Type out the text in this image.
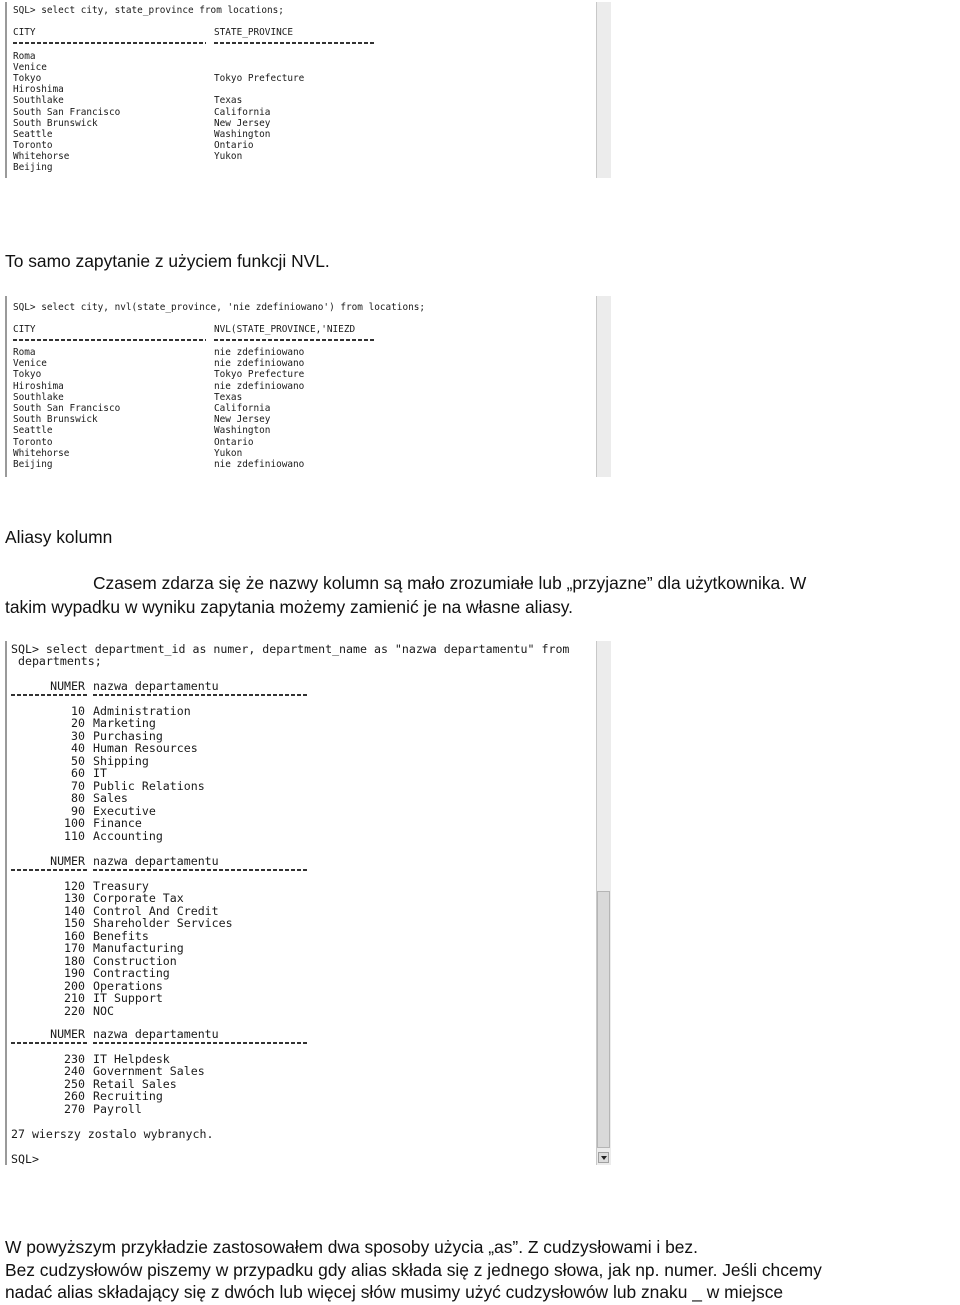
SQL> select city, state_province from locations;
CITY	STATE_PROVINCE
Roma
Venice
Tokyo	Tokyo Prefecture
Hiroshima
Southlake	Texas
South San Francisco	California
South Brunswick	New Jersey
Seattle	Washington
Toronto	Ontario
Whitehorse	Yukon
Beijing
To samo zapytanie z użyciem funkcji NVL.
SQL> select city, nvl(state_province, 'nie zdefiniowano') from locations;
CITY	NVL(STATE_PROVINCE,'NIEZD
Roma	nie zdefiniowano
Venice	nie zdefiniowano
Tokyo	Tokyo Prefecture
Hiroshima	nie zdefiniowano
Southlake	Texas
South San Francisco	California
South Brunswick	New Jersey
Seattle	Washington
Toronto	Ontario
Whitehorse	Yukon
Beijing	nie zdefiniowano
Aliasy kolumn
Czasem zdarza się że nazwy kolumn są mało zrozumiałe lub „przyjazne” dla użytkownika. W
takim wypadku w wyniku zapytania możemy zamienić je na własne aliasy.
SQL> select department_id as numer, department_name as "nazwa departamentu" from
departments;
NUMER nazwa departamentu
10 Administration
20 Marketing
30 Purchasing
40 Human Resources
50 Shipping
60 IT
70 Public Relations
80 Sales
90 Executive
100 Finance
110 Accounting
NUMER nazwa departamentu
120 Treasury
130 Corporate Tax
140 Control And Credit
150 Shareholder Services
160 Benefits
170 Manufacturing
180 Construction
190 Contracting
200 Operations
210 IT Support
220 NOC
NUMER nazwa departamentu
230 IT Helpdesk
240 Government Sales
250 Retail Sales
260 Recruiting
270 Payroll
27 wierszy zostalo wybranych.
SQL>
W powyższym przykładzie zastosowałem dwa sposoby użycia „as”. Z cudzysłowami i bez.
Bez cudzysłowów piszemy w przypadku gdy alias składa się z jednego słowa, jak np. numer. Jeśli chcemy
nadać alias składający się z dwóch lub więcej słów musimy użyć cudzysłowów lub znaku _ w miejsce
